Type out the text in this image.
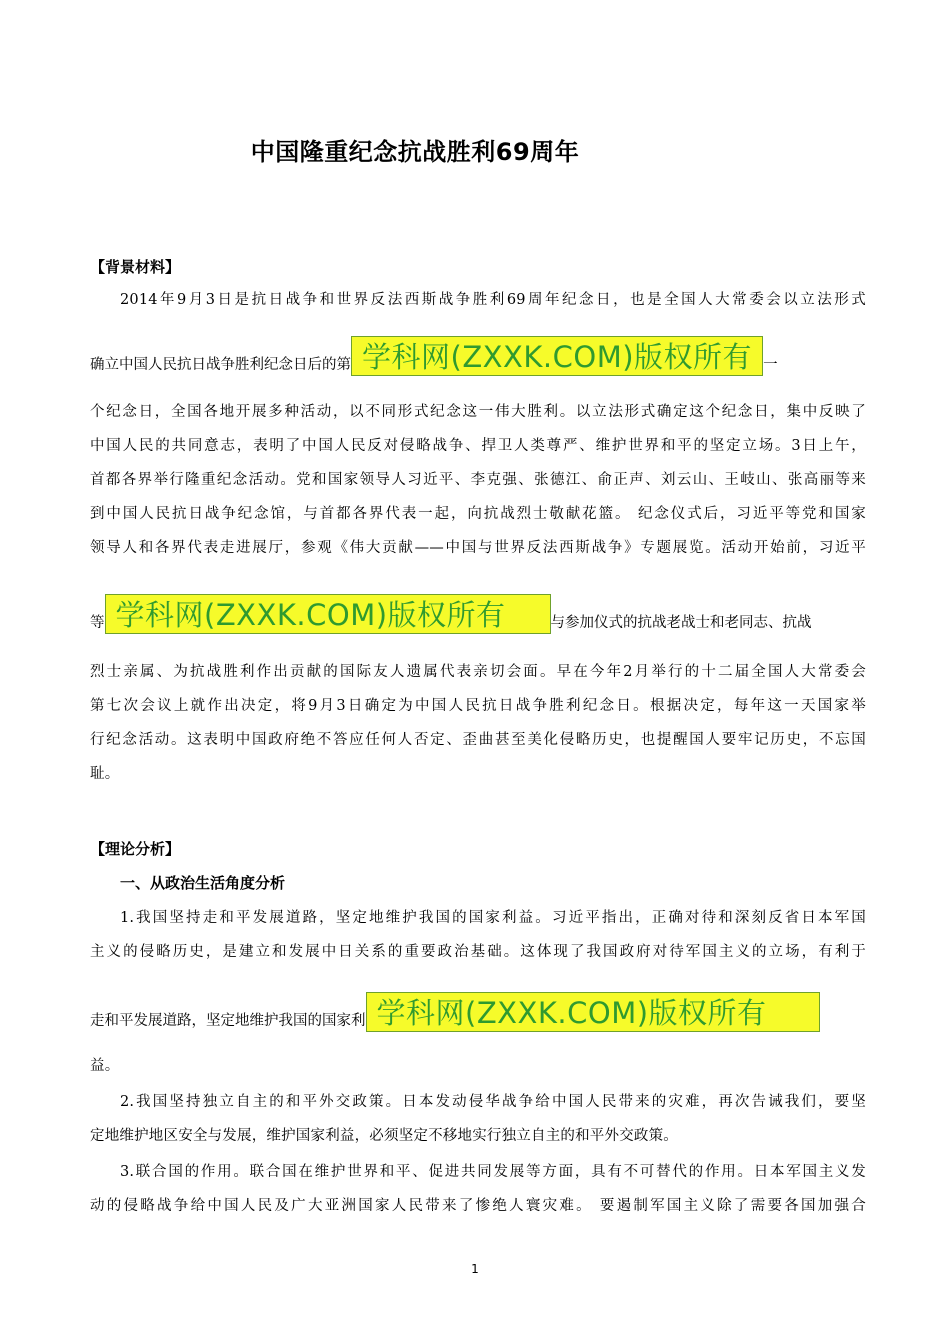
中国隆重纪念抗战胜利69周年
【背景材料】
2014年9月3日是抗日战争和世界反法西斯战争胜利69周年纪念日，也是全国人大常委会以立法形式
确立中国人民抗日战争胜利纪念日后的第 学科网(ZXXK.COM)版权所有 一
个纪念日，全国各地开展多种活动，以不同形式纪念这一伟大胜利。以立法形式确定这个纪念日，集中反映了
中国人民的共同意志，表明了中国人民反对侵略战争、捍卫人类尊严、维护世界和平的坚定立场。3日上午，
首都各界举行隆重纪念活动。党和国家领导人习近平、李克强、张德江、俞正声、刘云山、王岐山、张高丽等来
到中国人民抗日战争纪念馆，与首都各界代表一起，向抗战烈士敬献花篮。 纪念仪式后，习近平等党和国家
领导人和各界代表走进展厅，参观《伟大贡献——中国与世界反法西斯战争》专题展览。活动开始前，习近平
等 学科网(ZXXK.COM)版权所有	与参加仪式的抗战老战士和老同志、抗战
烈士亲属、为抗战胜利作出贡献的国际友人遗属代表亲切会面。早在今年2月举行的十二届全国人大常委会
第七次会议上就作出决定，将9月3日确定为中国人民抗日战争胜利纪念日。根据决定，每年这一天国家举
行纪念活动。这表明中国政府绝不答应任何人否定、歪曲甚至美化侵略历史，也提醒国人要牢记历史，不忘国
耻。
【理论分析】
一、从政治生活角度分析
1.我国坚持走和平发展道路，坚定地维护我国的国家利益。习近平指出，正确对待和深刻反省日本军国
主义的侵略历史，是建立和发展中日关系的重要政治基础。这体现了我国政府对待军国主义的立场，有利于
走和平发展道路，坚定地维护我国的国家利 学科网(ZXXK.COM)版权所有
益。
2.我国坚持独立自主的和平外交政策。日本发动侵华战争给中国人民带来的灾难，再次告诫我们，要坚
定地维护地区安全与发展，维护国家利益，必须坚定不移地实行独立自主的和平外交政策。
3.联合国的作用。联合国在维护世界和平、促进共同发展等方面，具有不可替代的作用。日本军国主义发
动的侵略战争给中国人民及广大亚洲国家人民带来了惨绝人寰灾难。 要遏制军国主义除了需要各国加强合
1
